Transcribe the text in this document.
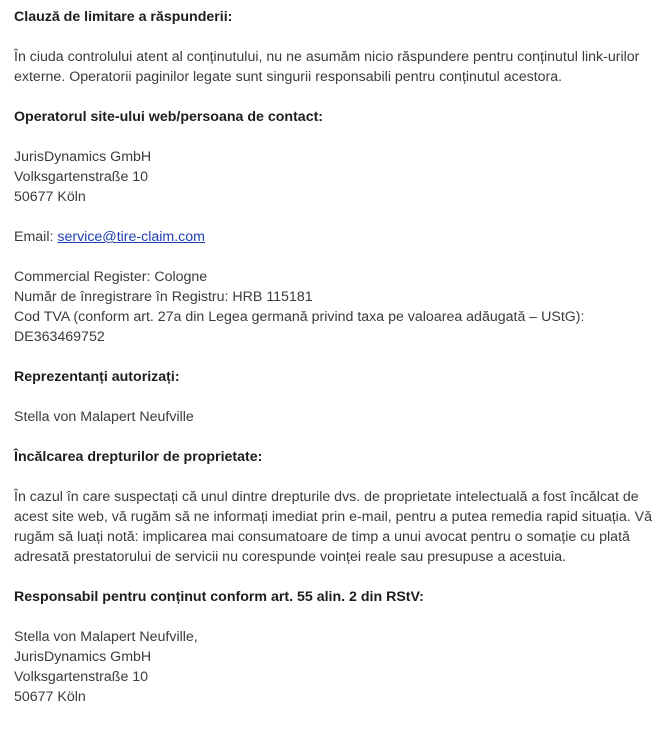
Clauză de limitare a răspunderii:

În ciuda controlului atent al conținutului, nu ne asumăm nicio răspundere pentru conținutul link-urilor externe. Operatorii paginilor legate sunt singurii responsabili pentru conținutul acestora.

Operatorul site-ului web/persoana de contact:

JurisDynamics GmbH

Volksgartenstraße 10

50677 Köln

Email: service@tire-claim.com

Commercial Register: Cologne

Număr de înregistrare în Registru: HRB 115181

Cod TVA (conform art. 27a din Legea germană privind taxa pe valoarea adăugată – UStG):

DE363469752

Reprezentanți autorizați:

Stella von Malapert Neufville

Încălcarea drepturilor de proprietate:

În cazul în care suspectați că unul dintre drepturile dvs. de proprietate intelectuală a fost încălcat de acest site web, vă rugăm să ne informați imediat prin e-mail, pentru a putea remedia rapid situația. Vă rugăm să luați notă: implicarea mai consumatoare de timp a unui avocat pentru o somație cu plată adresată prestatorului de servicii nu corespunde voinței reale sau presupuse a acestuia.

Responsabil pentru conținut conform art. 55 alin. 2 din RStV:

Stella von Malapert Neufville,

JurisDynamics GmbH

Volksgartenstraße 10

50677 Köln
